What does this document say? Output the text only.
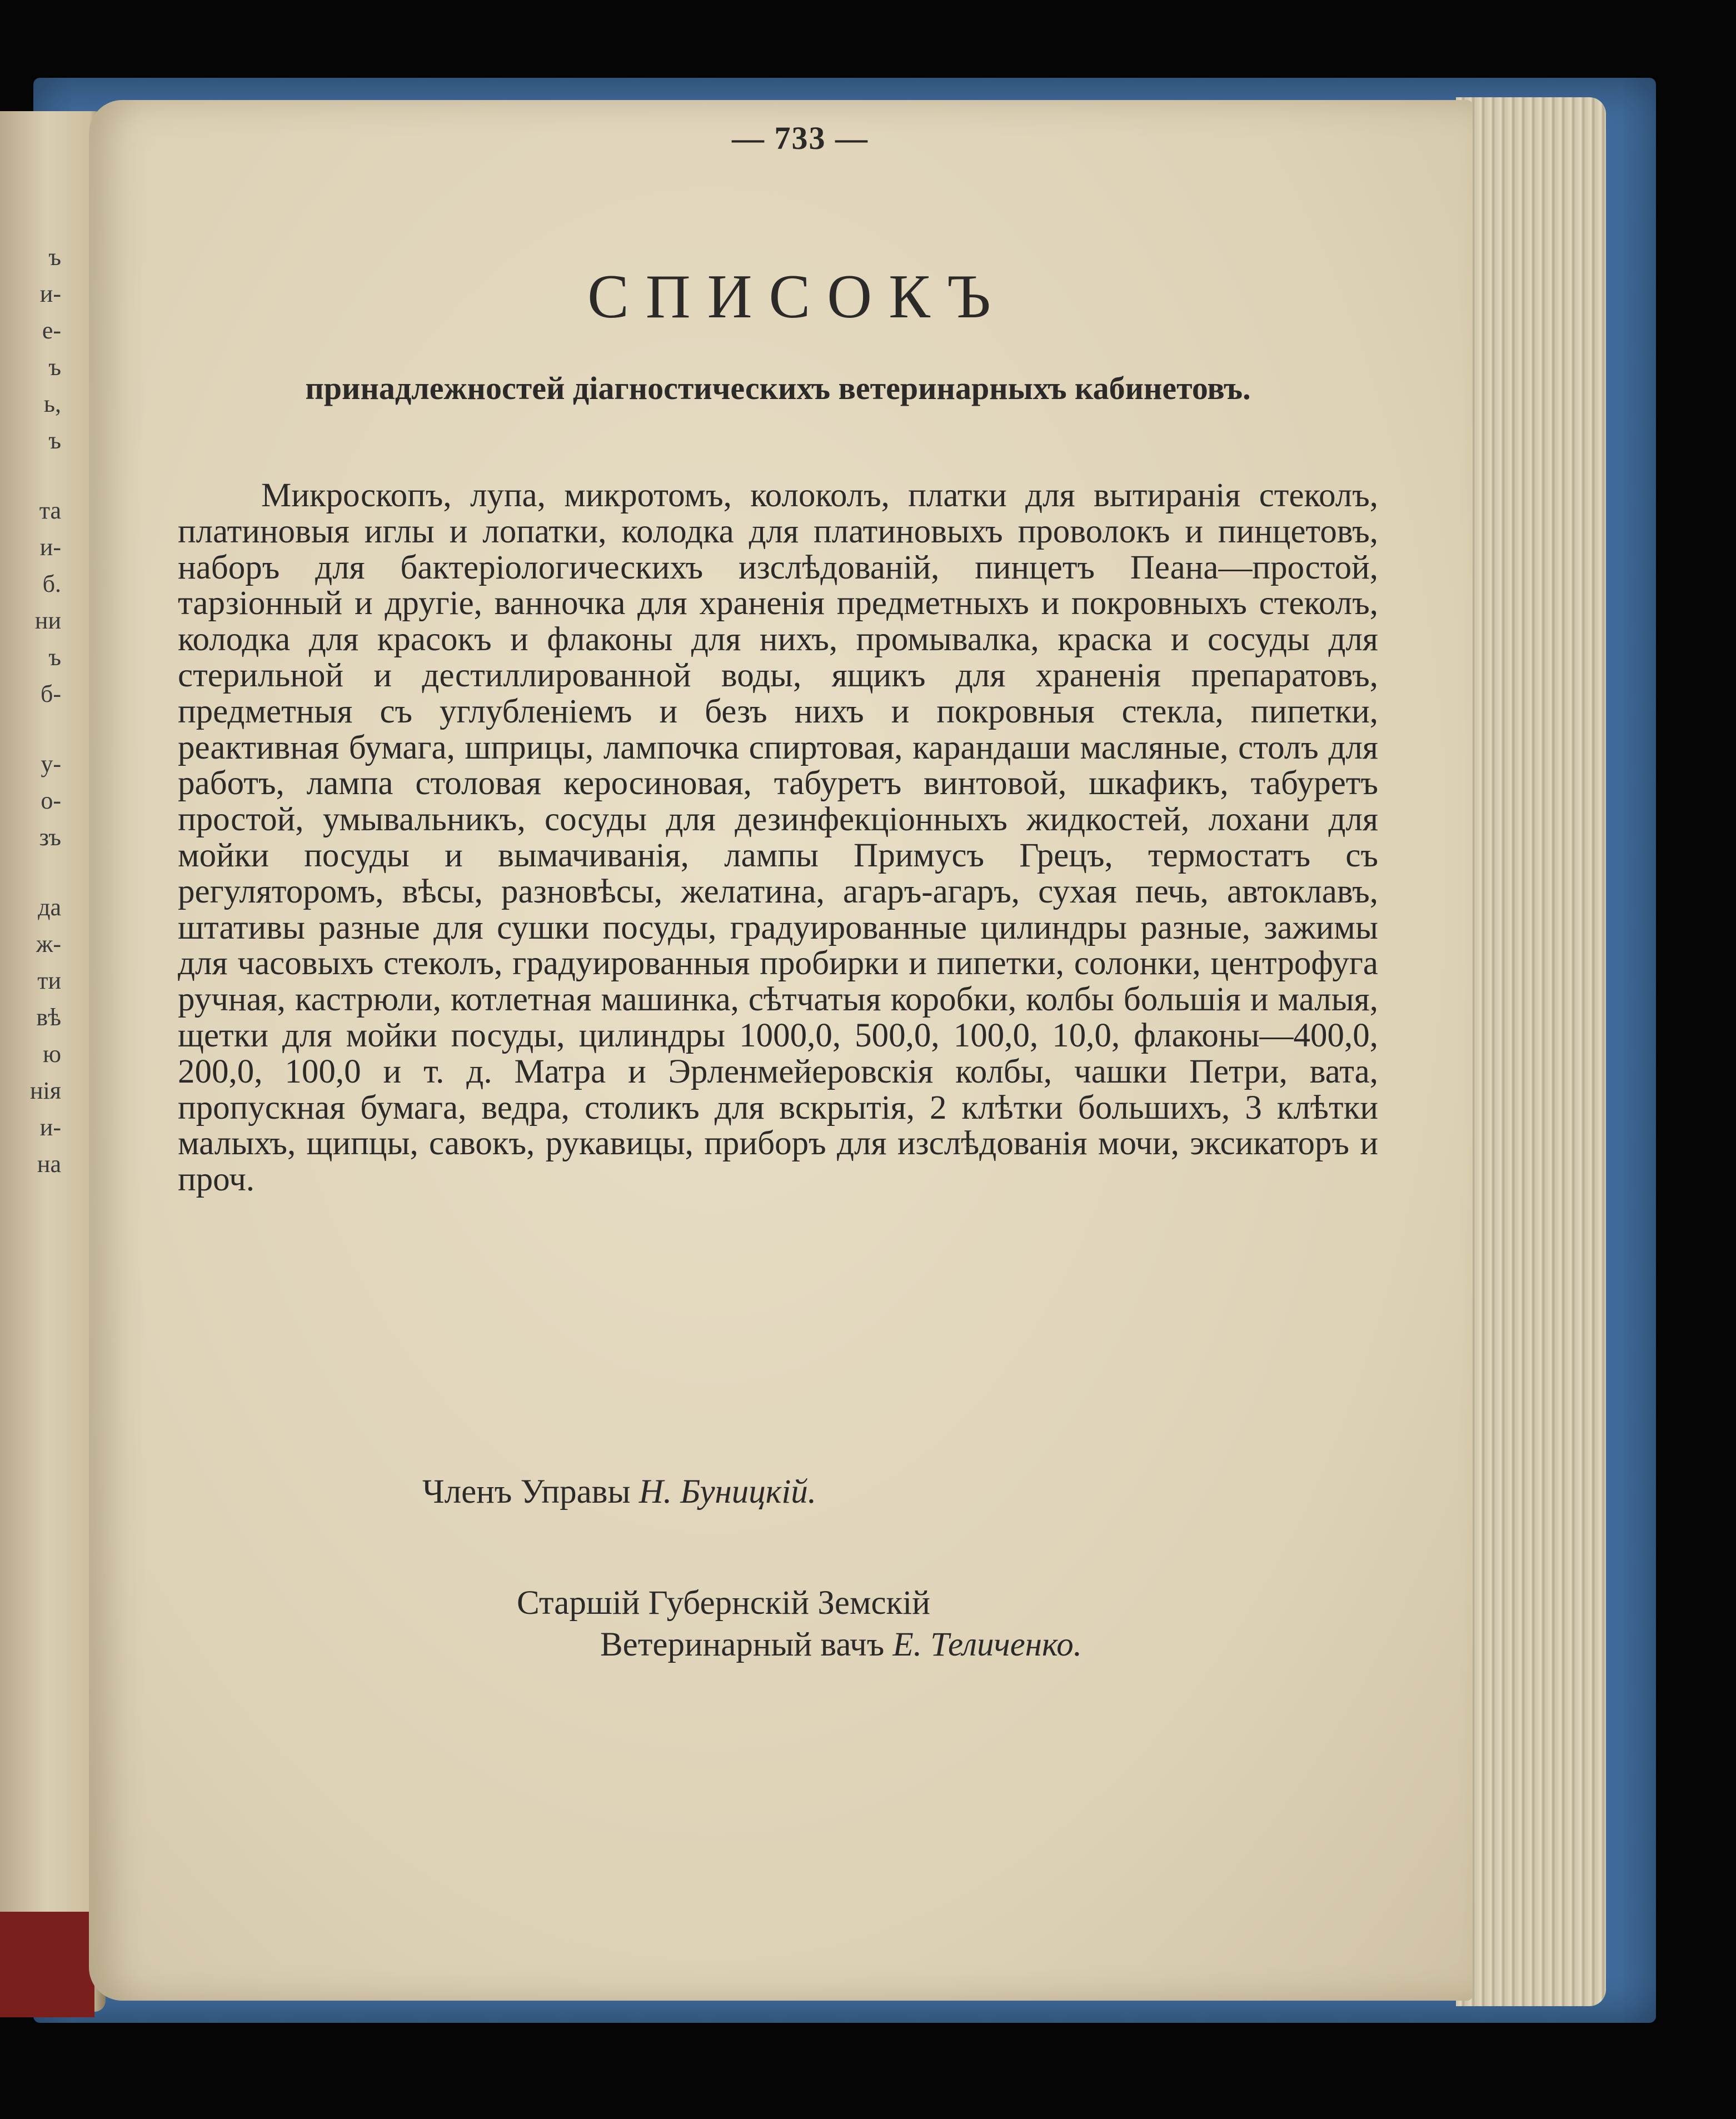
ъ
и-
е-
ъ
ь,
ъ
та
и-
б.
ни
ъ
б-
у-
о-
зъ
да
ж-
ти
вѣ
ю
нія
и-
на
— 733 —
СПИСОКЪ
принадлежностей діагностическихъ ветеринарныхъ кабинетовъ.
Микроскопъ, лупа, микротомъ, колоколъ, платки для вытиранія стеколъ, платиновыя иглы и лопатки, колодка для платиновыхъ проволокъ и пинцетовъ, наборъ для бактеріологическихъ изслѣдованій, пинцетъ Пеана—простой, тарзіонный и другіе, ванночка для храненія предметныхъ и покровныхъ стеколъ, колодка для красокъ и флаконы для нихъ, промывалка, краска и сосуды для стерильной и дестиллированной воды, ящикъ для храненія препаратовъ, предметныя съ углубленіемъ и безъ нихъ и покровныя стекла, пипетки, реактивная бумага, шприцы, лампочка спиртовая, карандаши масляные, столъ для работъ, лампа столовая керосиновая, табуретъ винтовой, шкафикъ, табуретъ простой, умывальникъ, сосуды для дезинфекціонныхъ жидкостей, лохани для мойки посуды и вымачиванія, лампы Примусъ Грецъ, термостатъ съ регуляторомъ, вѣсы, разновѣсы, желатина, агаръ-агаръ, сухая печь, автоклавъ, штативы разные для сушки посуды, градуированные цилиндры разные, зажимы для часовыхъ стеколъ, градуированныя пробирки и пипетки, солонки, центрофуга ручная, кастрюли, котлетная машинка, сѣтчатыя коробки, колбы большія и малыя, щетки для мойки посуды, цилиндры 1000,0, 500,0, 100,0, 10,0, флаконы—400,0, 200,0, 100,0 и т. д. Матра и Эрленмейеровскія колбы, чашки Петри, вата, пропускная бумага, ведра, столикъ для вскрытія, 2 клѣтки большихъ, 3 клѣтки малыхъ, щипцы, савокъ, рукавицы, приборъ для изслѣдованія мочи, эксикаторъ и проч.
Членъ Управы Н. Буницкій.
Старшій Губернскій Земскій
Ветеринарный вачъ Е. Теличенко.
